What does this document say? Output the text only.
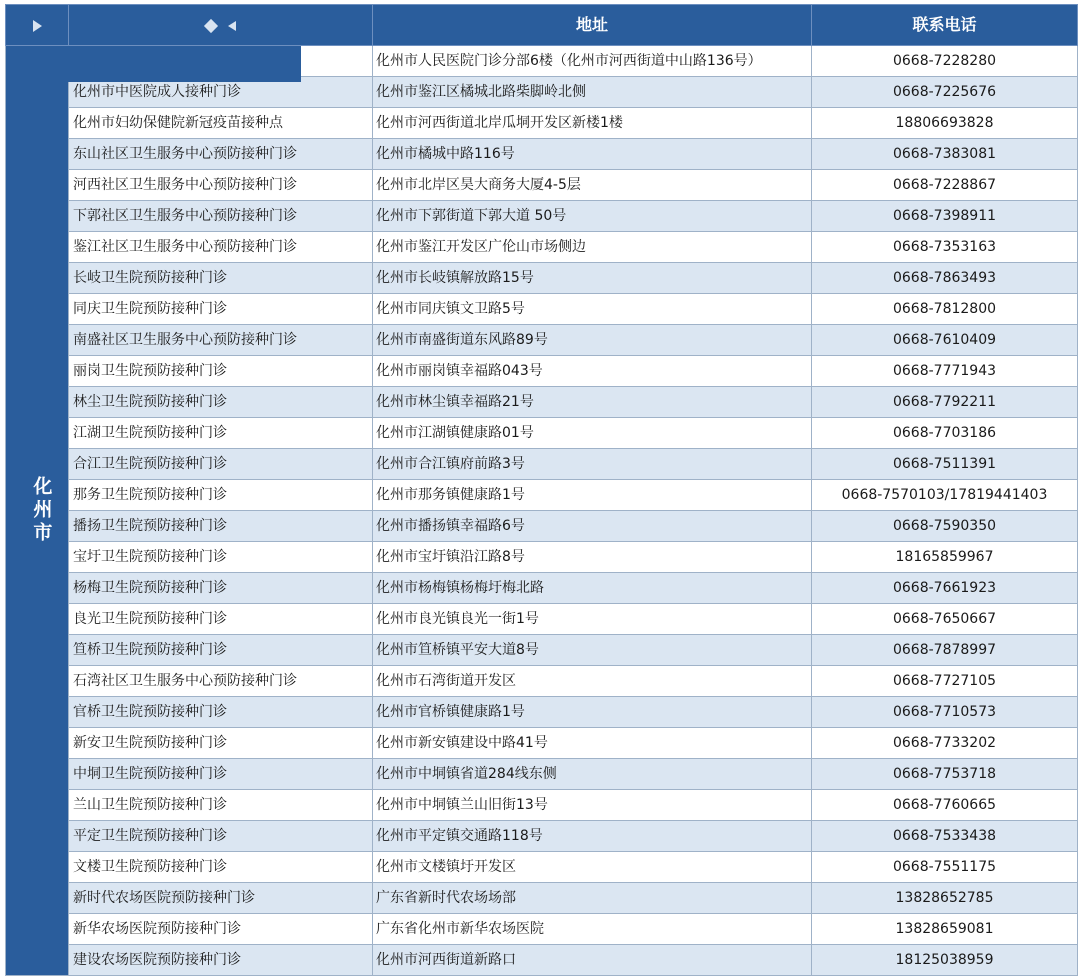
		地址	联系电话
化州市		化州市人民医院门诊分部6楼（化州市河西街道中山路136号）	0668-7228280
	化州市中医院成人接种门诊	化州市鉴江区橘城北路柴脚岭北侧	0668-7225676
	化州市妇幼保健院新冠疫苗接种点	化州市河西街道北岸瓜垌开发区新楼1楼	18806693828
	东山社区卫生服务中心预防接种门诊	化州市橘城中路116号	0668-7383081
	河西社区卫生服务中心预防接种门诊	化州市北岸区昊大商务大厦4-5层	0668-7228867
	下郭社区卫生服务中心预防接种门诊	化州市下郭街道下郭大道 50号	0668-7398911
	鉴江社区卫生服务中心预防接种门诊	化州市鉴江开发区广伦山市场侧边	0668-7353163
	长岐卫生院预防接种门诊	化州市长岐镇解放路15号	0668-7863493
	同庆卫生院预防接种门诊	化州市同庆镇文卫路5号	0668-7812800
	南盛社区卫生服务中心预防接种门诊	化州市南盛街道东风路89号	0668-7610409
	丽岗卫生院预防接种门诊	化州市丽岗镇幸福路043号	0668-7771943
	林尘卫生院预防接种门诊	化州市林尘镇幸福路21号	0668-7792211
	江湖卫生院预防接种门诊	化州市江湖镇健康路01号	0668-7703186
	合江卫生院预防接种门诊	化州市合江镇府前路3号	0668-7511391
	那务卫生院预防接种门诊	化州市那务镇健康路1号	0668-7570103/17819441403
	播扬卫生院预防接种门诊	化州市播扬镇幸福路6号	0668-7590350
	宝圩卫生院预防接种门诊	化州市宝圩镇沿江路8号	18165859967
	杨梅卫生院预防接种门诊	化州市杨梅镇杨梅圩梅北路	0668-7661923
	良光卫生院预防接种门诊	化州市良光镇良光一街1号	0668-7650667
	笪桥卫生院预防接种门诊	化州市笪桥镇平安大道8号	0668-7878997
	石湾社区卫生服务中心预防接种门诊	化州市石湾街道开发区	0668-7727105
	官桥卫生院预防接种门诊	化州市官桥镇健康路1号	0668-7710573
	新安卫生院预防接种门诊	化州市新安镇建设中路41号	0668-7733202
	中垌卫生院预防接种门诊	化州市中垌镇省道284线东侧	0668-7753718
	兰山卫生院预防接种门诊	化州市中垌镇兰山旧街13号	0668-7760665
	平定卫生院预防接种门诊	化州市平定镇交通路118号	0668-7533438
	文楼卫生院预防接种门诊	化州市文楼镇圩开发区	0668-7551175
	新时代农场医院预防接种门诊	广东省新时代农场场部	13828652785
	新华农场医院预防接种门诊	广东省化州市新华农场医院	13828659081
	建设农场医院预防接种门诊	化州市河西街道新路口	18125038959
